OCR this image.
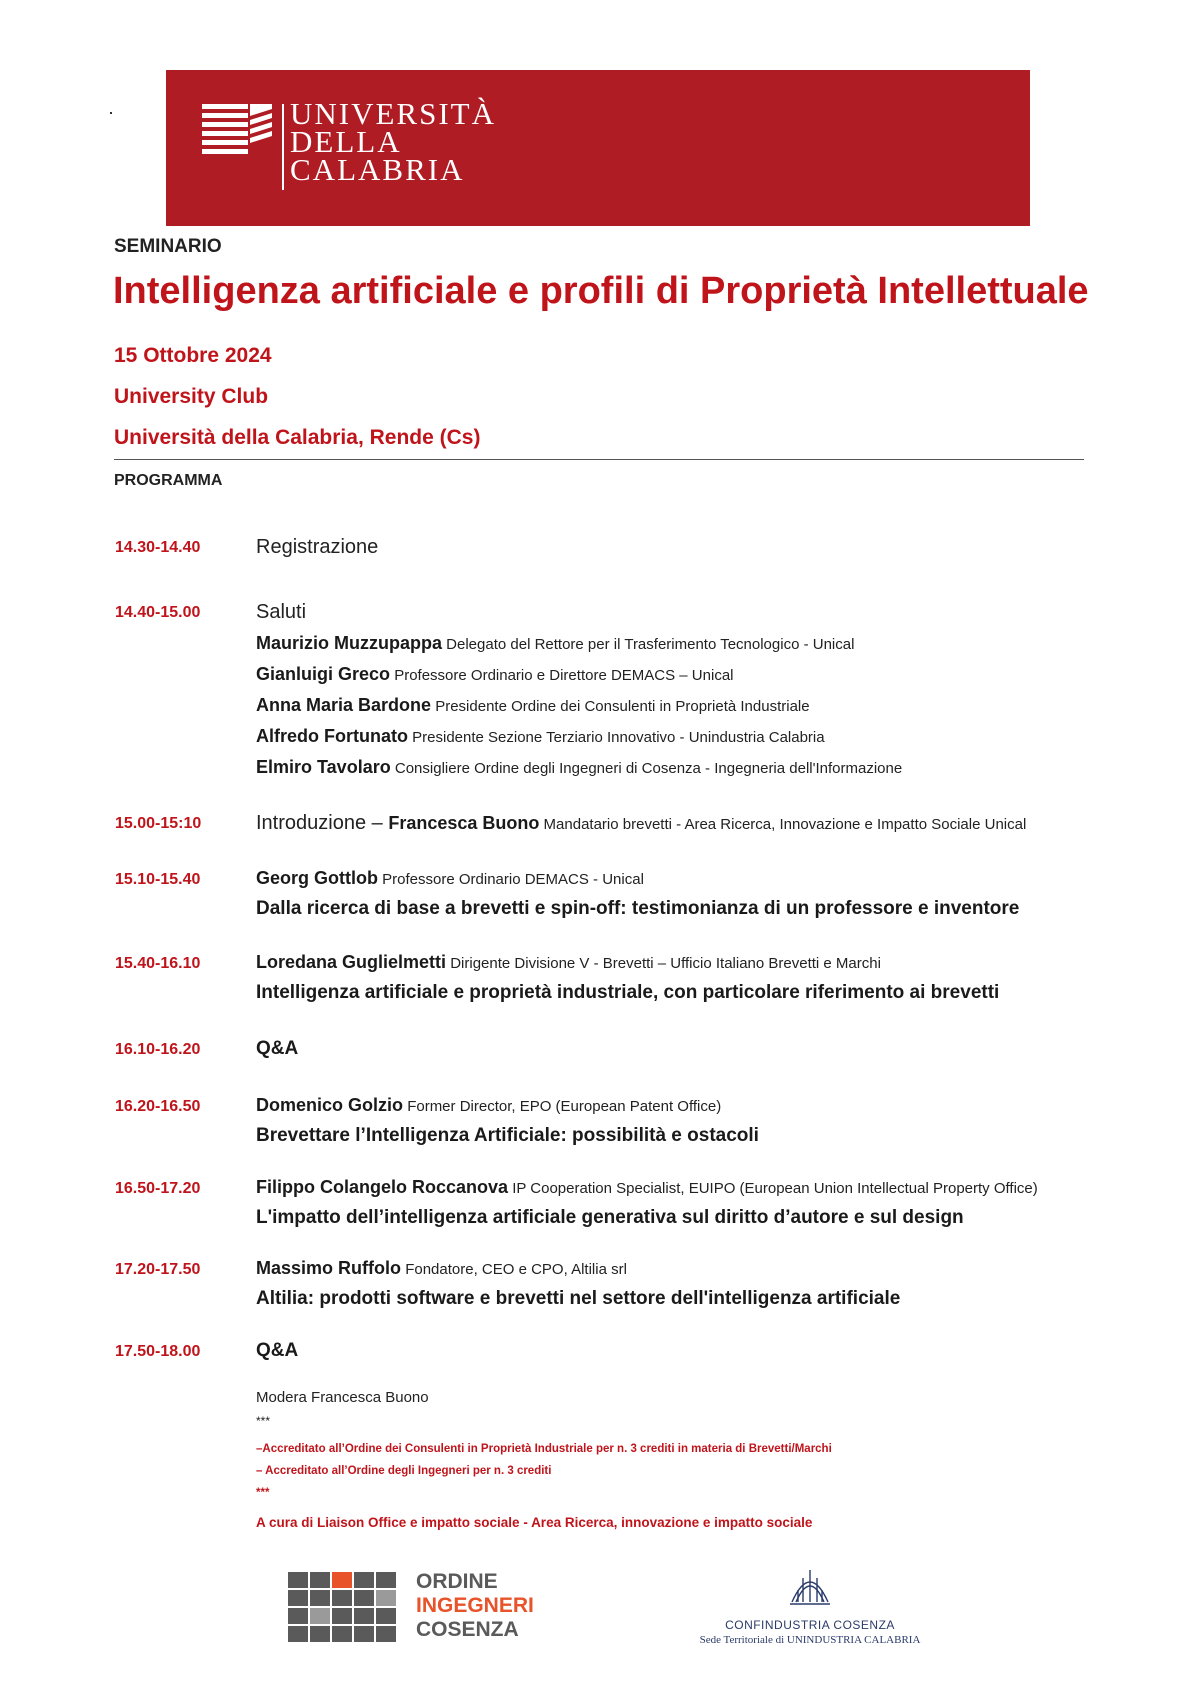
UNIVERSITÀ
DELLA
CALABRIA
SEMINARIO
Intelligenza artificiale e profili di Proprietà Intellettuale
15 Ottobre 2024
University Club
Università della Calabria, Rende (Cs)
PROGRAMMA
14.30-14.40	Registrazione
14.40-15.00	Saluti
Maurizio Muzzupappa Delegato del Rettore per il Trasferimento Tecnologico - Unical
Gianluigi Greco Professore Ordinario e Direttore DEMACS – Unical
Anna Maria Bardone Presidente Ordine dei Consulenti in Proprietà Industriale
Alfredo Fortunato Presidente Sezione Terziario Innovativo - Unindustria Calabria
Elmiro Tavolaro Consigliere Ordine degli Ingegneri di Cosenza - Ingegneria dell'Informazione
15.00-15:10	Introduzione – Francesca Buono Mandatario brevetti - Area Ricerca, Innovazione e Impatto Sociale Unical
15.10-15.40	Georg Gottlob Professore Ordinario DEMACS - Unical
Dalla ricerca di base a brevetti e spin-off: testimonianza di un professore e inventore
15.40-16.10	Loredana Guglielmetti Dirigente Divisione V - Brevetti – Ufficio Italiano Brevetti e Marchi
Intelligenza artificiale e proprietà industriale, con particolare riferimento ai brevetti
16.10-16.20	Q&A
16.20-16.50	Domenico Golzio Former Director, EPO (European Patent Office)
Brevettare l’Intelligenza Artificiale: possibilità e ostacoli
16.50-17.20	Filippo Colangelo Roccanova IP Cooperation Specialist, EUIPO (European Union Intellectual Property Office)
L'impatto dell’intelligenza artificiale generativa sul diritto d’autore e sul design
17.20-17.50	Massimo Ruffolo Fondatore, CEO e CPO, Altilia srl
Altilia: prodotti software e brevetti nel settore dell'intelligenza artificiale
17.50-18.00	Q&A
Modera Francesca Buono
***
–Accreditato all’Ordine dei Consulenti in Proprietà Industriale per n. 3 crediti in materia di Brevetti/Marchi
– Accreditato all’Ordine degli Ingegneri per n. 3 crediti
***
A cura di Liaison Office e impatto sociale - Area Ricerca, innovazione e impatto sociale
ORDINE
INGEGNERI
COSENZA	CONFINDUSTRIA COSENZA
Sede Territoriale di UNINDUSTRIA CALABRIA
